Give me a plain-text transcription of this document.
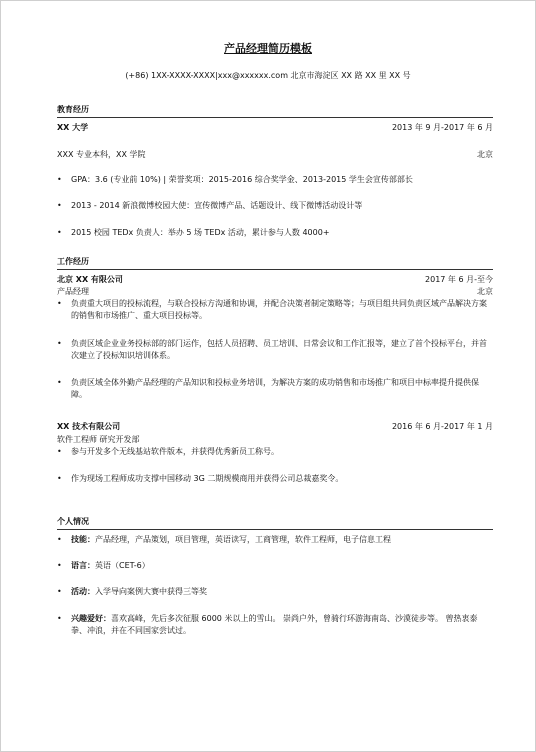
产品经理简历模板
(+86) 1XX-XXXX-XXXX|xxx@xxxxxx.com 北京市海淀区 XX 路 XX 里 XX 号
教育经历
XX 大学	2013 年 9 月-2017 年 6 月
XXX 专业本科，XX 学院	北京
•	GPA：3.6 (专业前 10%) | 荣誉奖项：2015-2016 综合奖学金、2013-2015 学生会宣传部部长
•	2013 - 2014 新浪微博校园大使：宣传微博产品、话题设计、线下微博活动设计等
•	2015 校园 TEDx 负责人：举办 5 场 TEDx 活动，累计参与人数 4000+
工作经历
北京 XX 有限公司	2017 年 6 月-至今
产品经理	北京
•	负责重大项目的投标流程，与联合投标方沟通和协调，并配合决策者制定策略等；与项目组共同负责区域产品解决方案的销售和市场推广、重大项目投标等。
•	负责区域企业业务投标部的部门运作，包括人员招聘、员工培训、日常会议和工作汇报等，建立了首个投标平台，并首次建立了投标知识培训体系。
•	负责区域全体外勤产品经理的产品知识和投标业务培训，为解决方案的成功销售和市场推广和项目中标率提升提供保障。
XX 技术有限公司	2016 年 6 月-2017 年 1 月
软件工程师 研究开发部
•	参与开发多个无线基站软件版本，并获得优秀新员工称号。
•	作为现场工程师成功支撑中国移动 3G 二期规模商用并获得公司总裁嘉奖令。
个人情况
•	技能：产品经理，产品策划，项目管理，英语读写，工商管理，软件工程师，电子信息工程
•	语言：英语（CET-6）
•	活动：入学导向案例大赛中获得三等奖
•	兴趣爱好：喜欢高峰，先后多次征服 6000 米以上的雪山。 崇尚户外，曾骑行环游海南岛、沙漠徒步等。 曾热衷泰拳、冲浪，并在不同国家尝试过。
